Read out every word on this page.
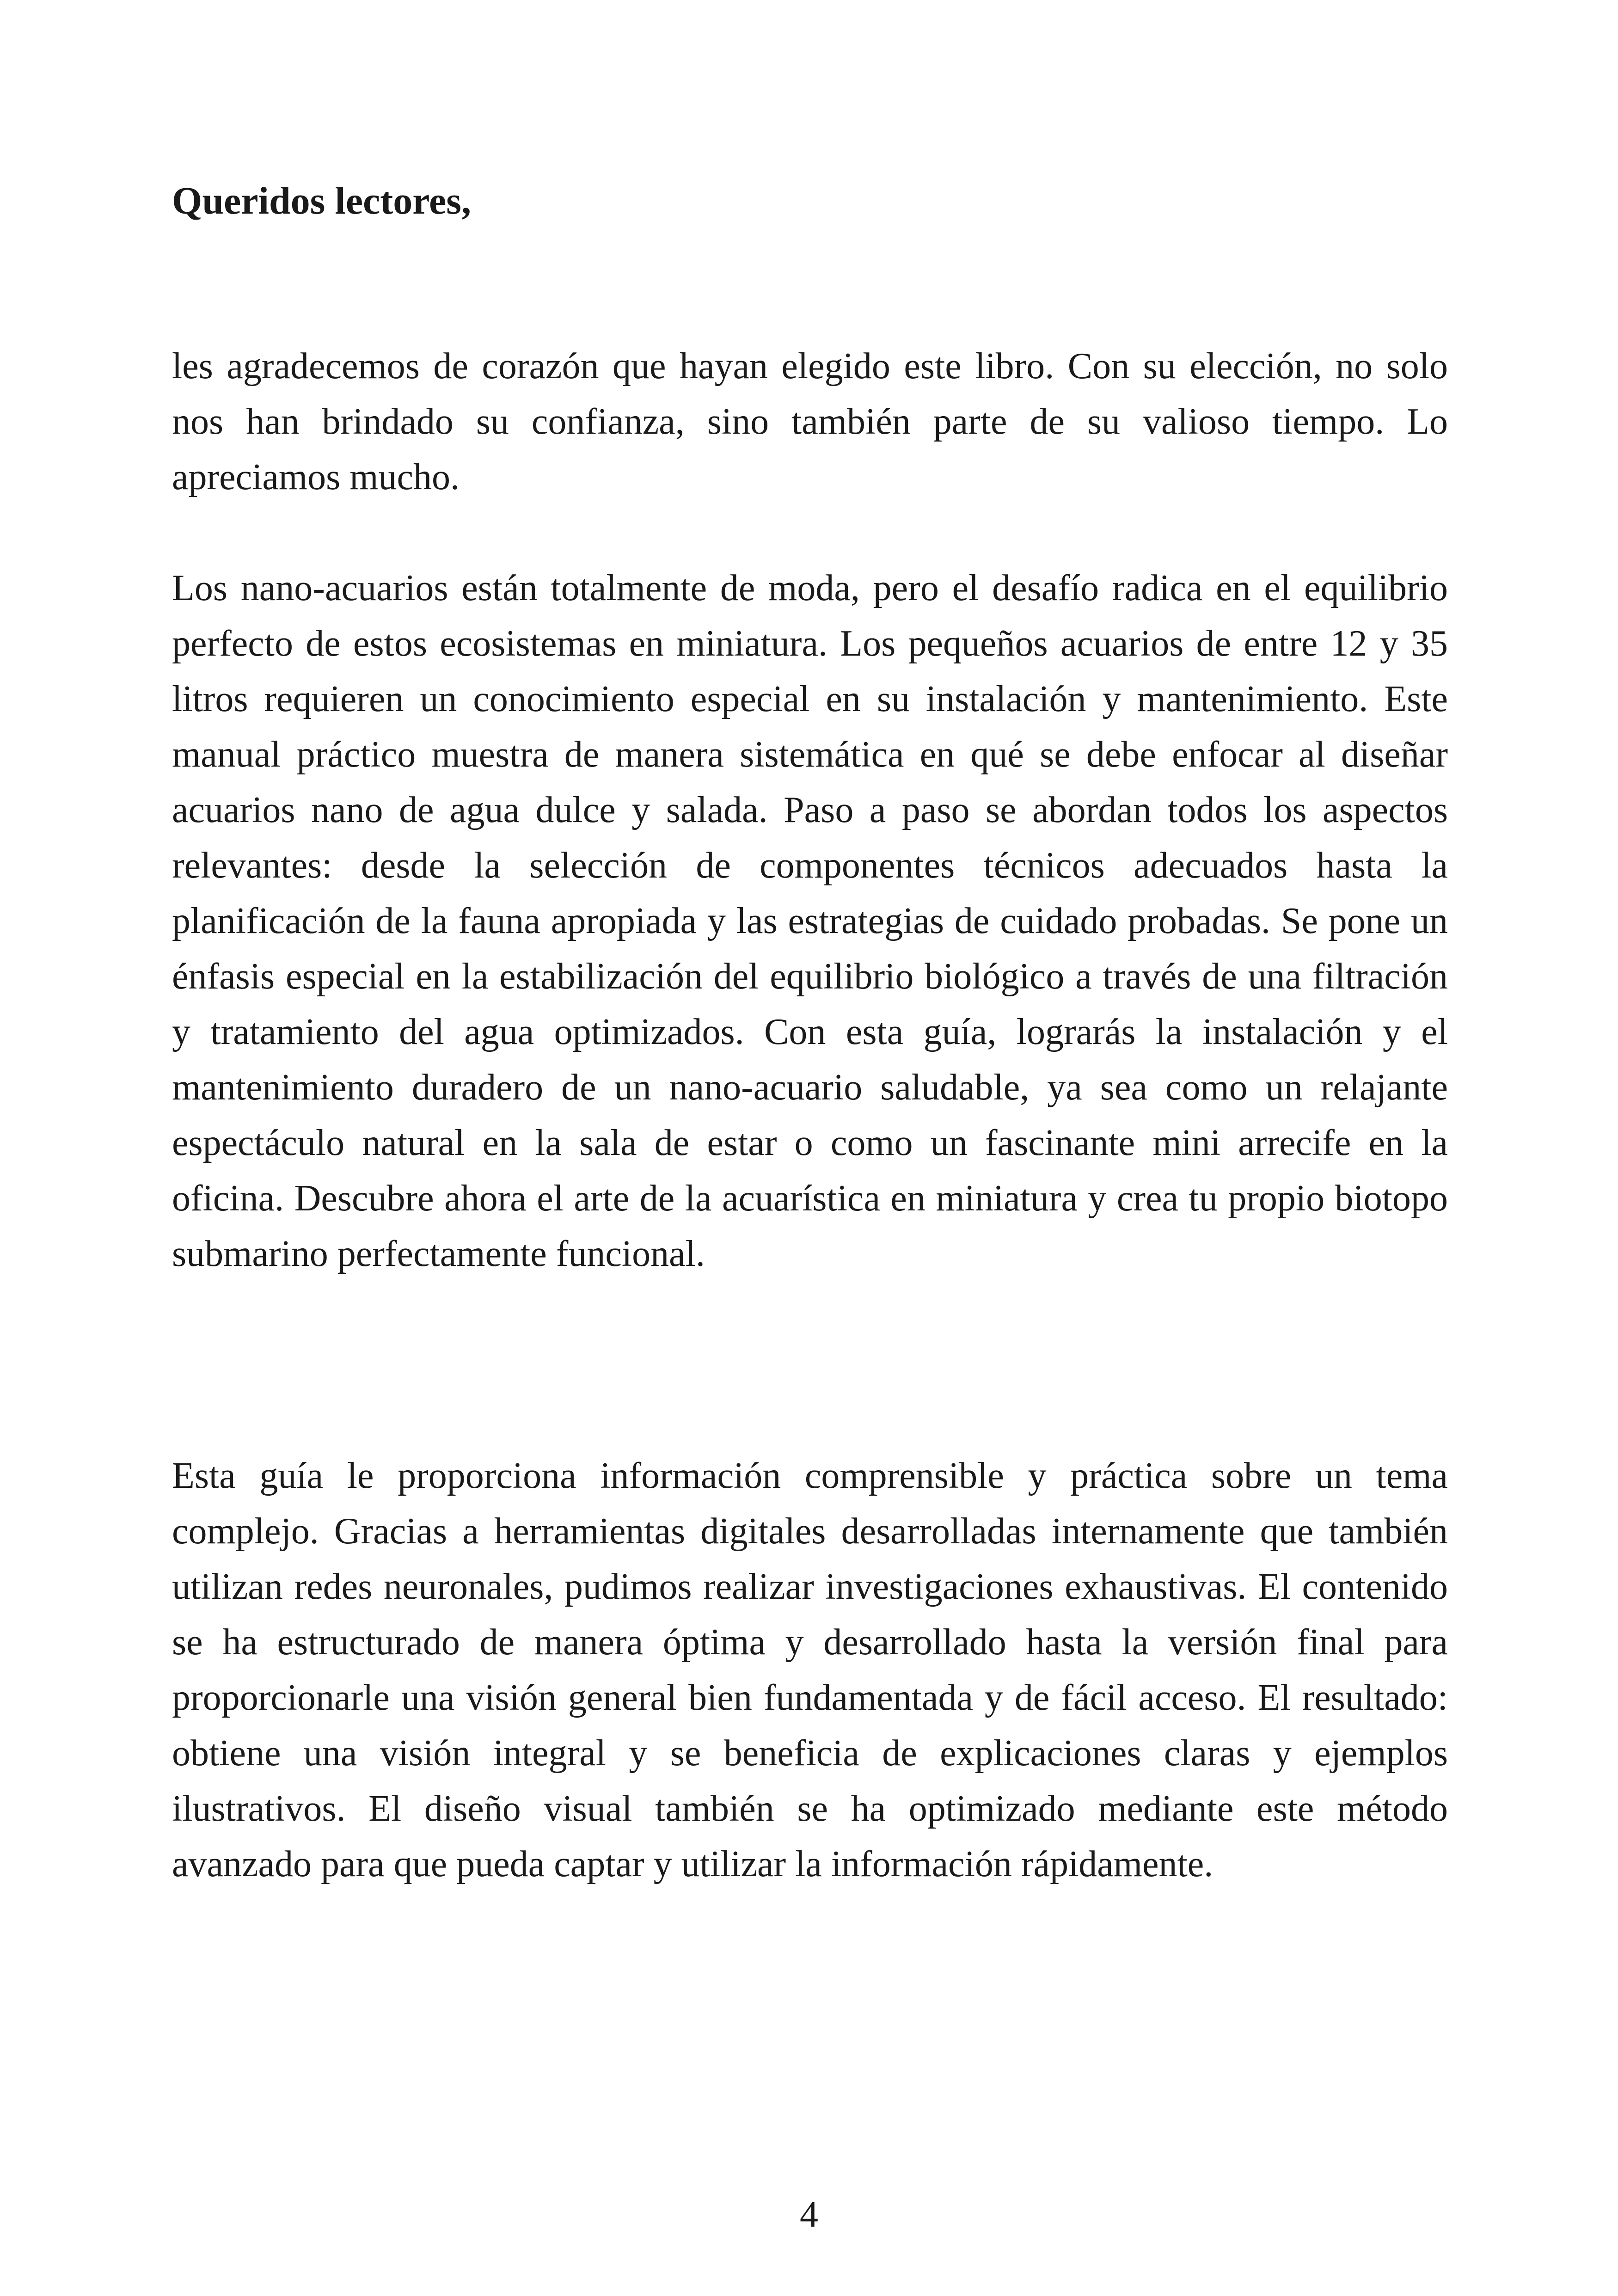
Queridos lectores,

les agradecemos de corazón que hayan elegido este libro. Con su elección, no solo nos han brindado su confianza, sino también parte de su valioso tiempo. Lo apreciamos mucho.

Los nano-acuarios están totalmente de moda, pero el desafío radica en el equilibrio perfecto de estos ecosistemas en miniatura. Los pequeños acuarios de entre 12 y 35 litros requieren un conocimiento especial en su instalación y mantenimiento. Este manual práctico muestra de manera sistemática en qué se debe enfocar al diseñar acuarios nano de agua dulce y salada. Paso a paso se abordan todos los aspectos relevantes: desde la selección de componentes técnicos adecuados hasta la planificación de la fauna apropiada y las estrategias de cuidado probadas. Se pone un énfasis especial en la estabilización del equilibrio biológico a través de una filtración y tratamiento del agua optimizados. Con esta guía, lograrás la instalación y el mantenimiento duradero de un nano-acuario saludable, ya sea como un relajante espectáculo natural en la sala de estar o como un fascinante mini arrecife en la oficina. Descubre ahora el arte de la acuarística en miniatura y crea tu propio biotopo submarino perfectamente funcional.

Esta guía le proporciona información comprensible y práctica sobre un tema complejo. Gracias a herramientas digitales desarrolladas internamente que también utilizan redes neuronales, pudimos realizar investigaciones exhaustivas. El contenido se ha estructurado de manera óptima y desarrollado hasta la versión final para proporcionarle una visión general bien fundamentada y de fácil acceso. El resultado: obtiene una visión integral y se beneficia de explicaciones claras y ejemplos ilustrativos. El diseño visual también se ha optimizado mediante este método avanzado para que pueda captar y utilizar la información rápidamente.

4
